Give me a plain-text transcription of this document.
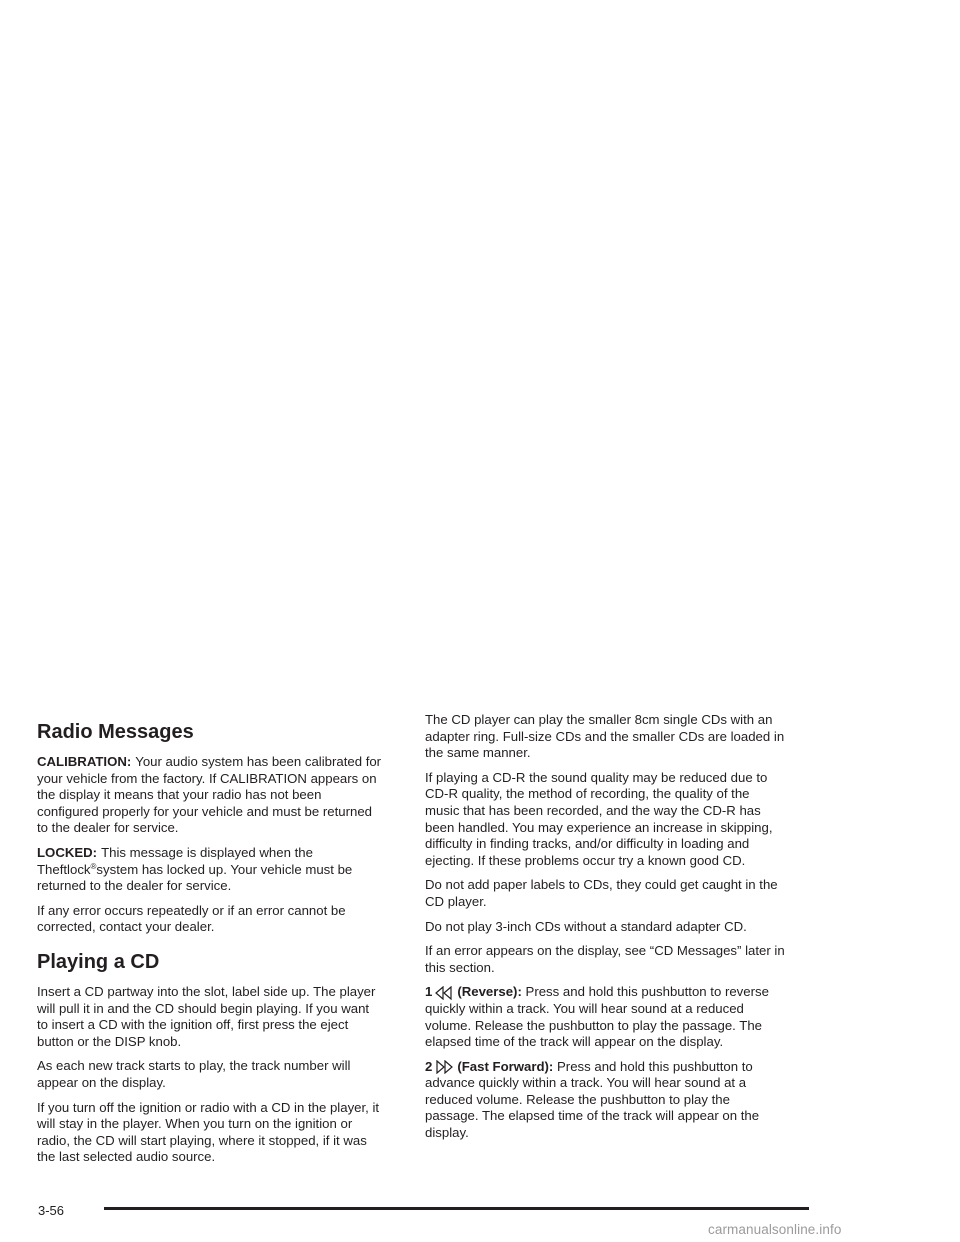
Radio Messages

CALIBRATION: Your audio system has been calibrated for your vehicle from the factory. If CALIBRATION appears on the display it means that your radio has not been configured properly for your vehicle and must be returned to the dealer for service.

LOCKED: This message is displayed when the Theftlock®system has locked up. Your vehicle must be returned to the dealer for service.

If any error occurs repeatedly or if an error cannot be corrected, contact your dealer.

Playing a CD

Insert a CD partway into the slot, label side up. The player will pull it in and the CD should begin playing. If you want to insert a CD with the ignition off, first press the eject button or the DISP knob.

As each new track starts to play, the track number will appear on the display.

If you turn off the ignition or radio with a CD in the player, it will stay in the player. When you turn on the ignition or radio, the CD will start playing, where it stopped, if it was the last selected audio source.

The CD player can play the smaller 8cm single CDs with an adapter ring. Full-size CDs and the smaller CDs are loaded in the same manner.

If playing a CD-R the sound quality may be reduced due to CD-R quality, the method of recording, the quality of the music that has been recorded, and the way the CD-R has been handled. You may experience an increase in skipping, difficulty in finding tracks, and/or difficulty in loading and ejecting. If these problems occur try a known good CD.

Do not add paper labels to CDs, they could get caught in the CD player.

Do not play 3-inch CDs without a standard adapter CD.

If an error appears on the display, see “CD Messages” later in this section.

1 (Reverse): Press and hold this pushbutton to reverse quickly within a track. You will hear sound at a reduced volume. Release the pushbutton to play the passage. The elapsed time of the track will appear on the display.

2 (Fast Forward): Press and hold this pushbutton to advance quickly within a track. You will hear sound at a reduced volume. Release the pushbutton to play the passage. The elapsed time of the track will appear on the display.

3-56
carmanualsonline.info
